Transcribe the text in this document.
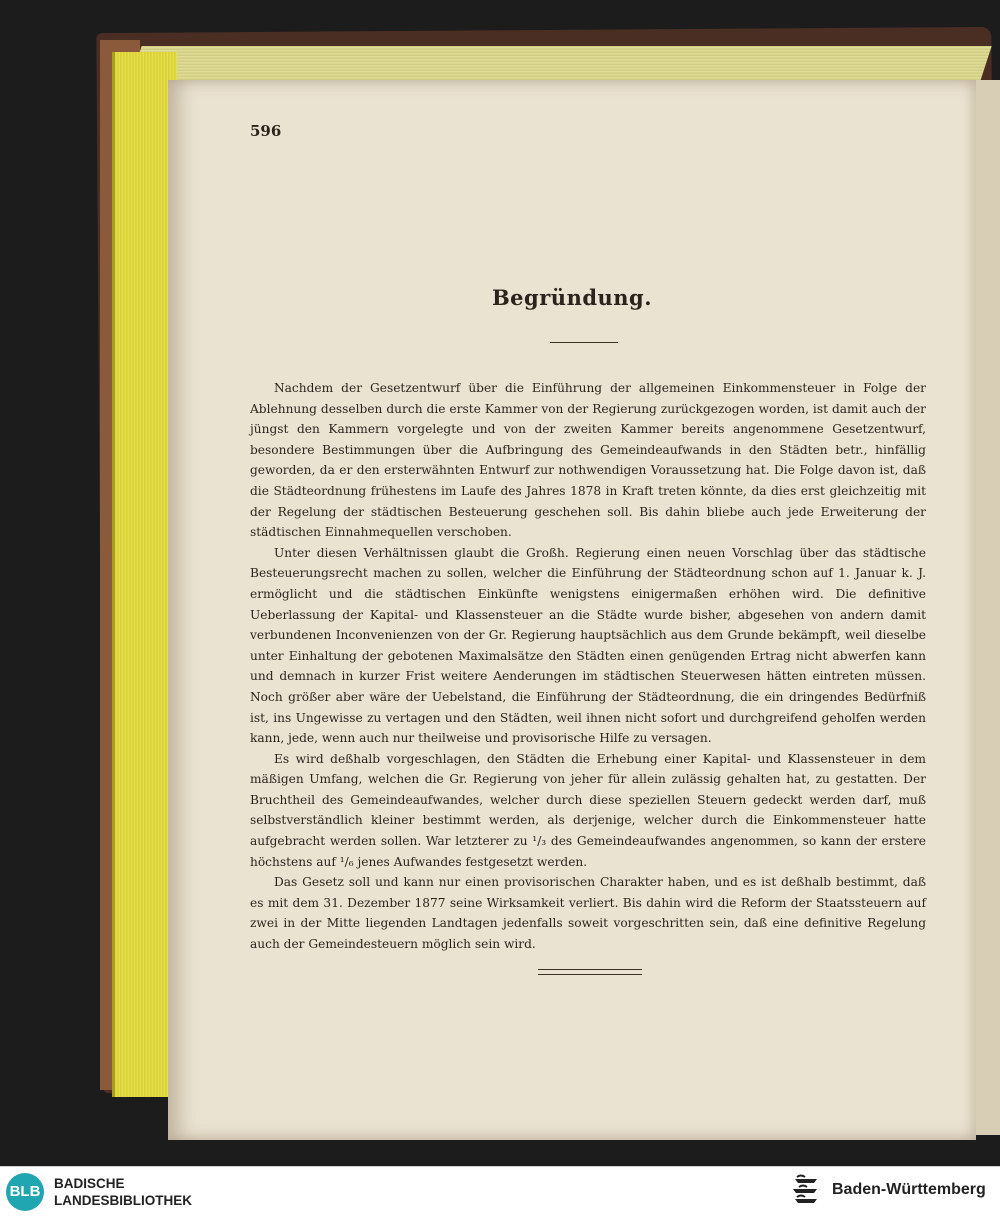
596
Begründung.

Nachdem der Gesetzentwurf über die Einführung der allgemeinen Einkommensteuer in Folge der Ablehnung desselben durch die erste Kammer von der Regierung zurückgezogen worden, ist damit auch der jüngst den Kammern vorgelegte und von der zweiten Kammer bereits angenommene Gesetzentwurf, besondere Bestimmungen über die Aufbringung des Gemeindeaufwands in den Städten betr., hinfällig geworden, da er den ersterwähnten Entwurf zur nothwendigen Voraussetzung hat. Die Folge davon ist, daß die Städteordnung frühestens im Laufe des Jahres 1878 in Kraft treten könnte, da dies erst gleichzeitig mit der Regelung der städtischen Besteuerung geschehen soll. Bis dahin bliebe auch jede Erweiterung der städtischen Einnahmequellen verschoben.

Unter diesen Verhältnissen glaubt die Großh. Regierung einen neuen Vorschlag über das städtische Besteuerungsrecht machen zu sollen, welcher die Einführung der Städteordnung schon auf 1. Januar k. J. ermöglicht und die städtischen Einkünfte wenigstens einigermaßen erhöhen wird. Die definitive Ueberlassung der Kapital- und Klassensteuer an die Städte wurde bisher, abgesehen von andern damit verbundenen Inconvenienzen von der Gr. Regierung hauptsächlich aus dem Grunde bekämpft, weil dieselbe unter Einhaltung der gebotenen Maximalsätze den Städten einen genügenden Ertrag nicht abwerfen kann und demnach in kurzer Frist weitere Aenderungen im städtischen Steuerwesen hätten eintreten müssen. Noch größer aber wäre der Uebelstand, die Einführung der Städteordnung, die ein dringendes Bedürfniß ist, ins Ungewisse zu vertagen und den Städten, weil ihnen nicht sofort und durchgreifend geholfen werden kann, jede, wenn auch nur theilweise und provisorische Hilfe zu versagen.

Es wird deßhalb vorgeschlagen, den Städten die Erhebung einer Kapital- und Klassensteuer in dem mäßigen Umfang, welchen die Gr. Regierung von jeher für allein zulässig gehalten hat, zu gestatten. Der Bruchtheil des Gemeindeaufwandes, welcher durch diese speziellen Steuern gedeckt werden darf, muß selbstverständlich kleiner bestimmt werden, als derjenige, welcher durch die Einkommensteuer hatte aufgebracht werden sollen. War letzterer zu ¹/₃ des Gemeindeaufwandes angenommen, so kann der erstere höchstens auf ¹/₆ jenes Aufwandes festgesetzt werden.

Das Gesetz soll und kann nur einen provisorischen Charakter haben, und es ist deßhalb bestimmt, daß es mit dem 31. Dezember 1877 seine Wirksamkeit verliert. Bis dahin wird die Reform der Staatssteuern auf zwei in der Mitte liegenden Landtagen jedenfalls soweit vorgeschritten sein, daß eine definitive Regelung auch der Gemeindesteuern möglich sein wird.

BLB BADISCHE
LANDESBIBLIOTHEK
Baden-Württemberg
